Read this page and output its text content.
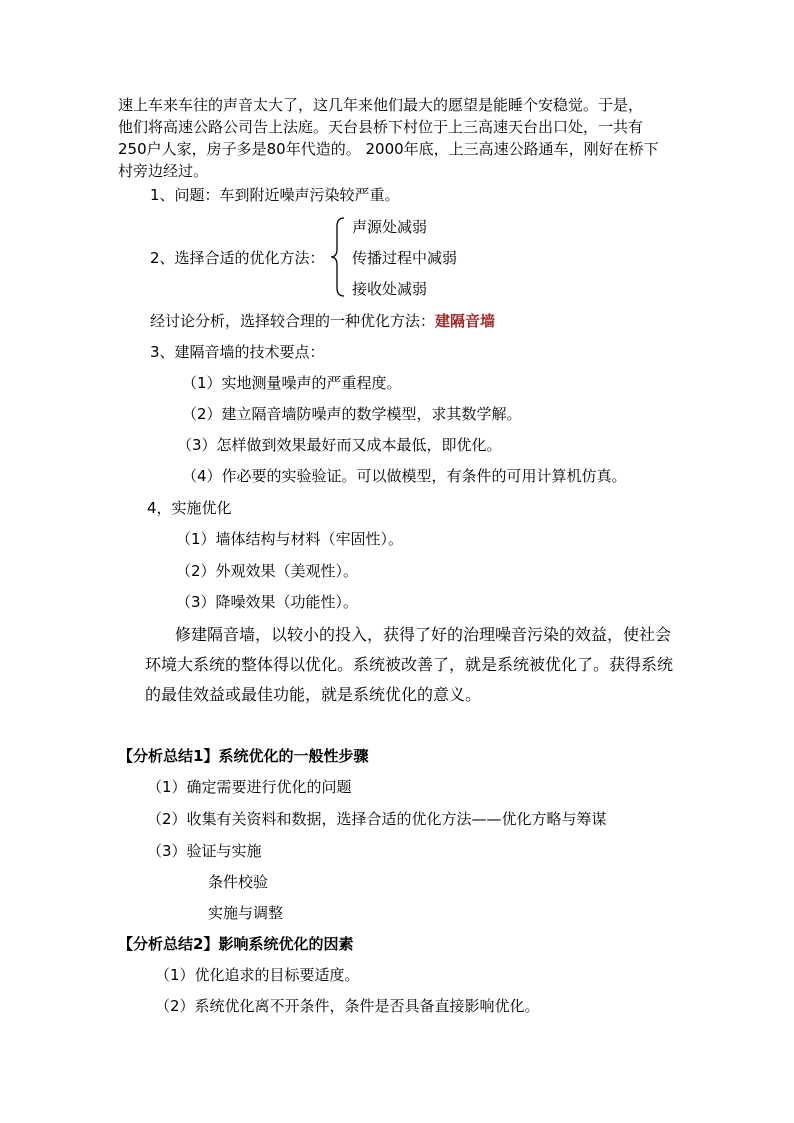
速上车来车往的声音太大了，这几年来他们最大的愿望是能睡个安稳觉。于是，
他们将高速公路公司告上法庭。天台县桥下村位于上三高速天台出口处，一共有
250户人家，房子多是80年代造的。 2000年底，上三高速公路通车，刚好在桥下
村旁边经过。
1、问题：车到附近噪声污染较严重。
2、选择合适的优化方法：
声源处减弱
传播过程中减弱
接收处减弱
经讨论分析，选择较合理的一种优化方法：建隔音墙
3、建隔音墙的技术要点：
（1）实地测量噪声的严重程度。
（2）建立隔音墙防噪声的数学模型，求其数学解。
（3）怎样做到效果最好而又成本最低，即优化。
（4）作必要的实验验证。可以做模型，有条件的可用计算机仿真。
4，实施优化
（1）墙体结构与材料（牢固性）。
（2）外观效果（美观性）。
（3）降噪效果（功能性）。
修建隔音墙，以较小的投入，获得了好的治理噪音污染的效益，使社会
环境大系统的整体得以优化。系统被改善了，就是系统被优化了。获得系统
的最佳效益或最佳功能，就是系统优化的意义。
【分析总结1】系统优化的一般性步骤
（1）确定需要进行优化的问题
（2）收集有关资料和数据，选择合适的优化方法——优化方略与筹谋
（3）验证与实施
条件校验
实施与调整
【分析总结2】影响系统优化的因素
（1）优化追求的目标要适度。
（2）系统优化离不开条件，条件是否具备直接影响优化。
